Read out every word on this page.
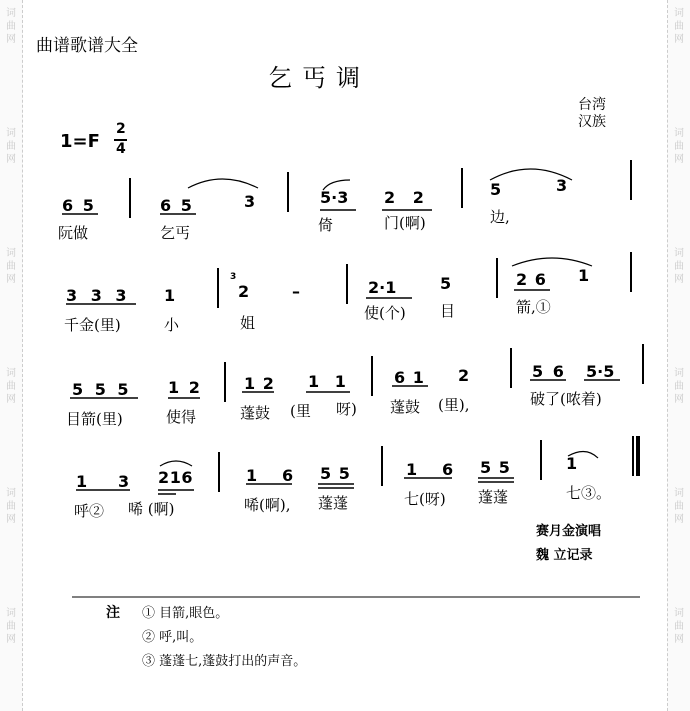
词
曲
网
词
曲
网
词
曲
网
词
曲
网
词
曲
网
词
曲
网
词
曲
网
词
曲
网
词
曲
网
词
曲
网
词
曲
网
词
曲
网
曲谱歌谱大全
乞丐调
台湾
汉族
1=F
2
4
6 5	6 5	3	5·3 2 2	5	3
阮做	乞丐	倚	门(啊)	边,
3 3 3 1
3
2	–	2·1	5	2 6 1
千金(里)	小	姐
使(个) 目	箭,①
5 5 5 1 2	1 2 1 1	6 1 2	5 6 5·5
目箭(里)	使得	蓬鼓 (里 呀) 蓬鼓 (里),	破了(哝着)
1 3 2 1 6	1 6 5 5	1 6 5 5	1
呼② 唏 (啊)	唏(啊), 蓬蓬	七(呀) 蓬蓬	七③。
赛月金演唱
魏 立记录
注 ① 目箭,眼色。
② 呼,叫。
③ 蓬蓬七,蓬鼓打出的声音。
